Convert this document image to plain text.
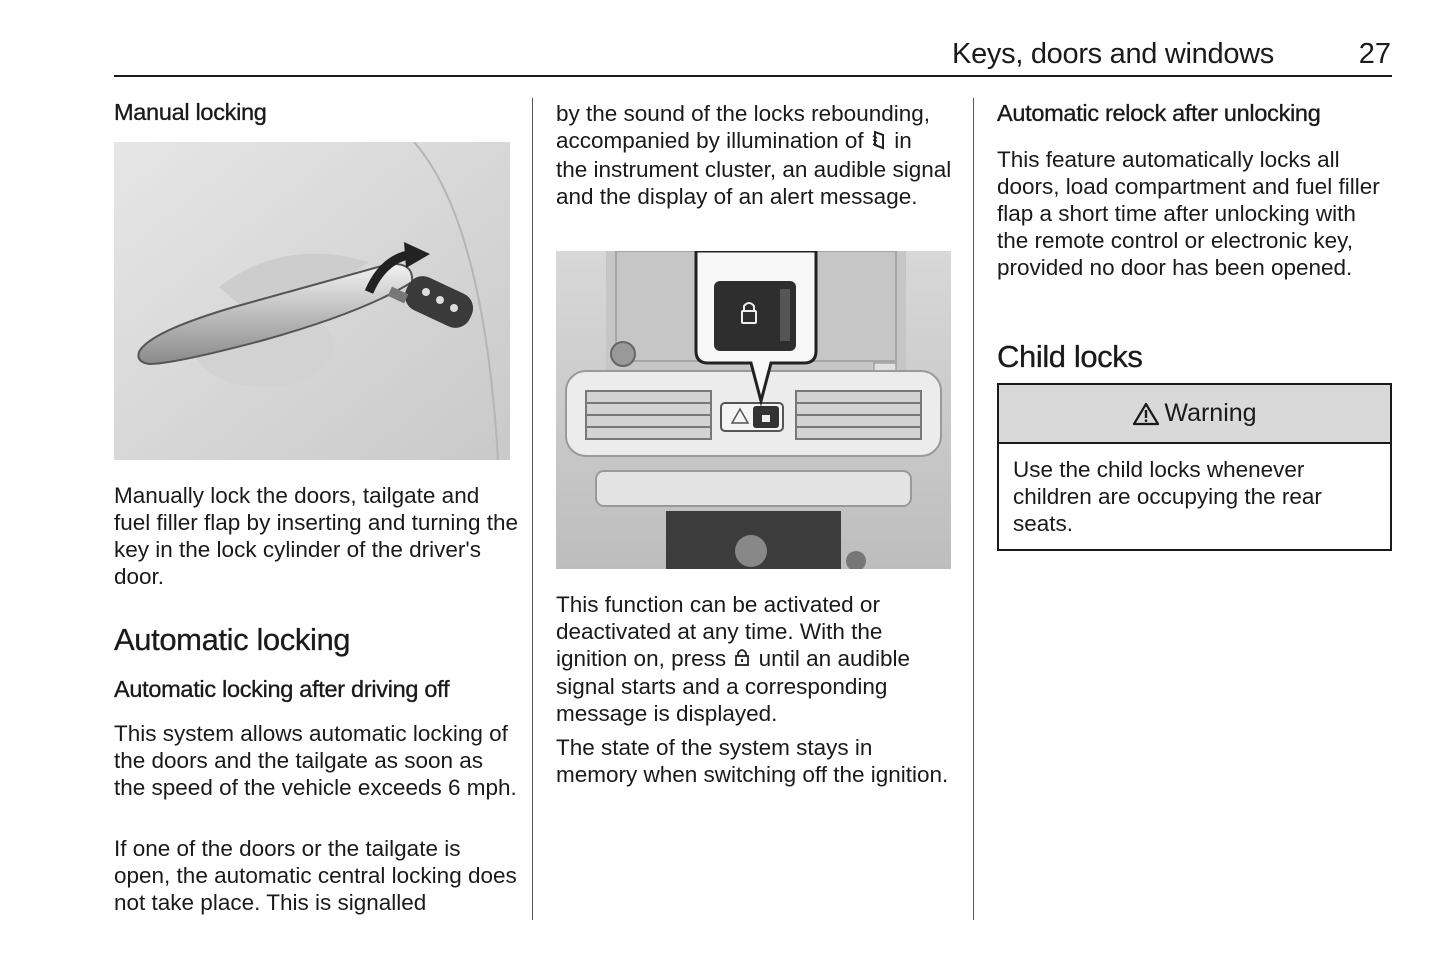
Keys, doors and windows	27
Manual locking

Manually lock the doors, tailgate and fuel filler flap by inserting and turning the key in the lock cylinder of the driver's door.

Automatic locking
Automatic locking after driving off

This system allows automatic locking of the doors and the tailgate as soon as the speed of the vehicle exceeds 6 mph.

If one of the doors or the tailgate is open, the automatic central locking does not take place. This is signalled

by the sound of the locks rebounding,
accompanied by illumination of in
the instrument cluster, an audible signal and the display of an alert message.
This function can be activated or deactivated at any time. With the ignition on, press until an audible signal starts and a corresponding message is displayed.

The state of the system stays in memory when switching off the ignition.

Automatic relock after unlocking

This feature automatically locks all doors, load compartment and fuel filler flap a short time after unlocking with the remote control or electronic key, provided no door has been opened.

Child locks
Warning
Use the child locks whenever children are occupying the rear seats.
